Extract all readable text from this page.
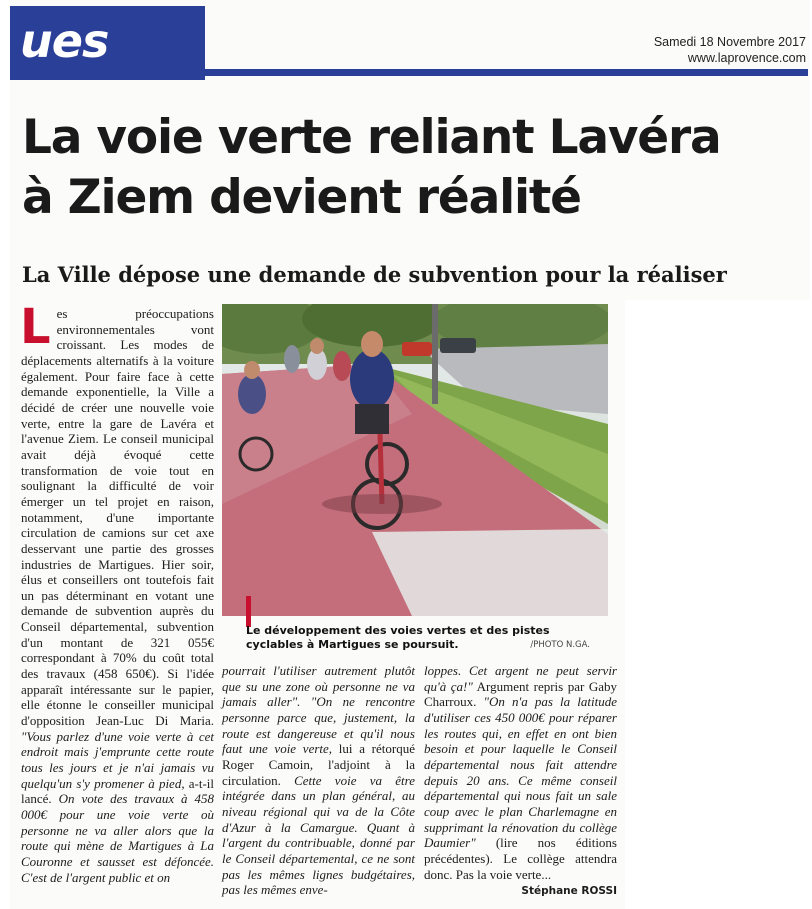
ues	Samedi 18 Novembre 2017
www.laprovence.com
La voie verte reliant Lavéra
à Ziem devient réalité
La Ville dépose une demande de subvention pour la réaliser

Les préoccupations environnementales vont croissant. Les modes de déplacements alternatifs à la voiture également. Pour faire face à cette demande exponentielle, la Ville a décidé de créer une nouvelle voie verte, entre la gare de Lavéra et l'avenue Ziem. Le conseil municipal avait déjà évoqué cette transformation de voie tout en soulignant la difficulté de voir émerger un tel projet en raison, notamment, d'une importante circulation de camions sur cet axe desservant une partie des grosses industries de Martigues. Hier soir, élus et conseillers ont toutefois fait un pas déterminant en votant une demande de subvention auprès du Conseil départemental, subvention d'un montant de 321 055€ correspondant à 70% du coût total des travaux (458 650€). Si l'idée apparaît intéressante sur le papier, elle étonne le conseiller municipal d'opposition Jean-Luc Di Maria. "Vous parlez d'une voie verte à cet endroit mais j'emprunte cette route tous les jours et je n'ai jamais vu quelqu'un s'y promener à pied, a-t-il lancé. On vote des travaux à 458 000€ pour une voie verte où personne ne va aller alors que la route qui mène de Martigues à La Couronne et sausset est défoncée. C'est de l'argent public et on

Le développement des voies vertes et des pistes cyclables à Martigues se poursuit.	/PHOTO N.GA.

pourrait l'utiliser autrement plutôt que su une zone où personne ne va jamais aller". "On ne rencontre personne parce que, justement, la route est dangereuse et qu'il nous faut une voie verte, lui a rétorqué Roger Camoin, l'adjoint à la circulation. Cette voie va être intégrée dans un plan général, au niveau régional qui va de la Côte d'Azur à la Camargue. Quant à l'argent du contribuable, donné par le Conseil départemental, ce ne sont pas les mêmes lignes budgétaires, pas les mêmes enve-

loppes. Cet argent ne peut servir qu'à ça!" Argument repris par Gaby Charroux. "On n'a pas la latitude d'utiliser ces 450 000€ pour réparer les routes qui, en effet en ont bien besoin et pour laquelle le Conseil départemental nous fait attendre depuis 20 ans. Ce même conseil départemental qui nous fait un sale coup avec le plan Charlemagne en supprimant la rénovation du collège Daumier" (lire nos éditions précédentes). Le collège attendra donc. Pas la voie verte...

Stéphane ROSSI
